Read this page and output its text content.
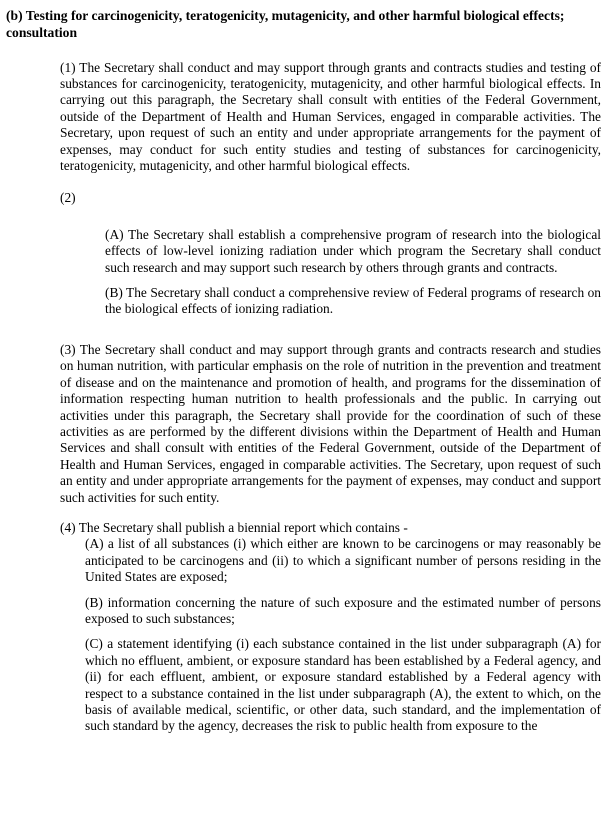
(b) Testing for carcinogenicity, teratogenicity, mutagenicity, and other harmful biological effects; consultation

(1) The Secretary shall conduct and may support through grants and contracts studies and testing of substances for carcinogenicity, teratogenicity, mutagenicity, and other harmful biological effects. In carrying out this paragraph, the Secretary shall consult with entities of the Federal Government, outside of the Department of Health and Human Services, engaged in comparable activities. The Secretary, upon request of such an entity and under appropriate arrangements for the payment of expenses, may conduct for such entity studies and testing of substances for carcinogenicity, teratogenicity, mutagenicity, and other harmful biological effects.

(2)

(A) The Secretary shall establish a comprehensive program of research into the biological effects of low-level ionizing radiation under which program the Secretary shall conduct such research and may support such research by others through grants and contracts.

(B) The Secretary shall conduct a comprehensive review of Federal programs of research on the biological effects of ionizing radiation.

(3) The Secretary shall conduct and may support through grants and contracts research and studies on human nutrition, with particular emphasis on the role of nutrition in the prevention and treatment of disease and on the maintenance and promotion of health, and programs for the dissemination of information respecting human nutrition to health professionals and the public. In carrying out activities under this paragraph, the Secretary shall provide for the coordination of such of these activities as are performed by the different divisions within the Department of Health and Human Services and shall consult with entities of the Federal Government, outside of the Department of Health and Human Services, engaged in comparable activities. The Secretary, upon request of such an entity and under appropriate arrangements for the payment of expenses, may conduct and support such activities for such entity.

(4) The Secretary shall publish a biennial report which contains -

(A) a list of all substances (i) which either are known to be carcinogens or may reasonably be anticipated to be carcinogens and (ii) to which a significant number of persons residing in the United States are exposed;

(B) information concerning the nature of such exposure and the estimated number of persons exposed to such substances;

(C) a statement identifying (i) each substance contained in the list under subparagraph (A) for which no effluent, ambient, or exposure standard has been established by a Federal agency, and (ii) for each effluent, ambient, or exposure standard established by a Federal agency with respect to a substance contained in the list under subparagraph (A), the extent to which, on the basis of available medical, scientific, or other data, such standard, and the implementation of such standard by the agency, decreases the risk to public health from exposure to the
